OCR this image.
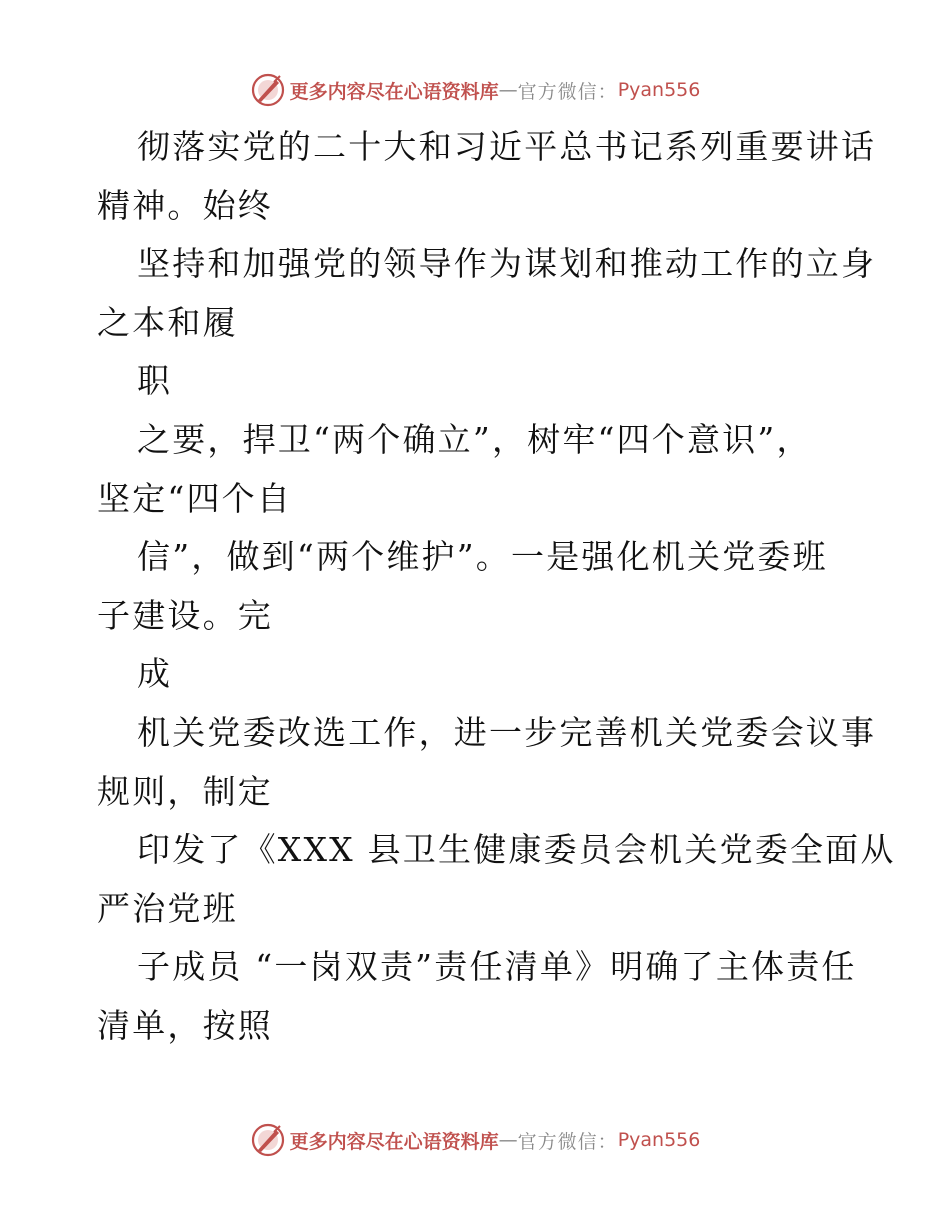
更多内容尽在心语资料库 — 官方微信： Pyan556
彻落实党的二十大和习近平总书记系列重要讲话
精神。始终
坚持和加强党的领导作为谋划和推动工作的立身
之本和履
职
之要，捍卫“两个确立”，树牢“四个意识”，
坚定“四个自
信”，做到“两个维护”。一是强化机关党委班
子建设。完
成
机关党委改选工作，进一步完善机关党委会议事
规则，制定
印发了《XXX 县卫生健康委员会机关党委全面从
严治党班
子成员 “一岗双责”责任清单》明确了主体责任
清单，按照
更多内容尽在心语资料库 — 官方微信： Pyan556
